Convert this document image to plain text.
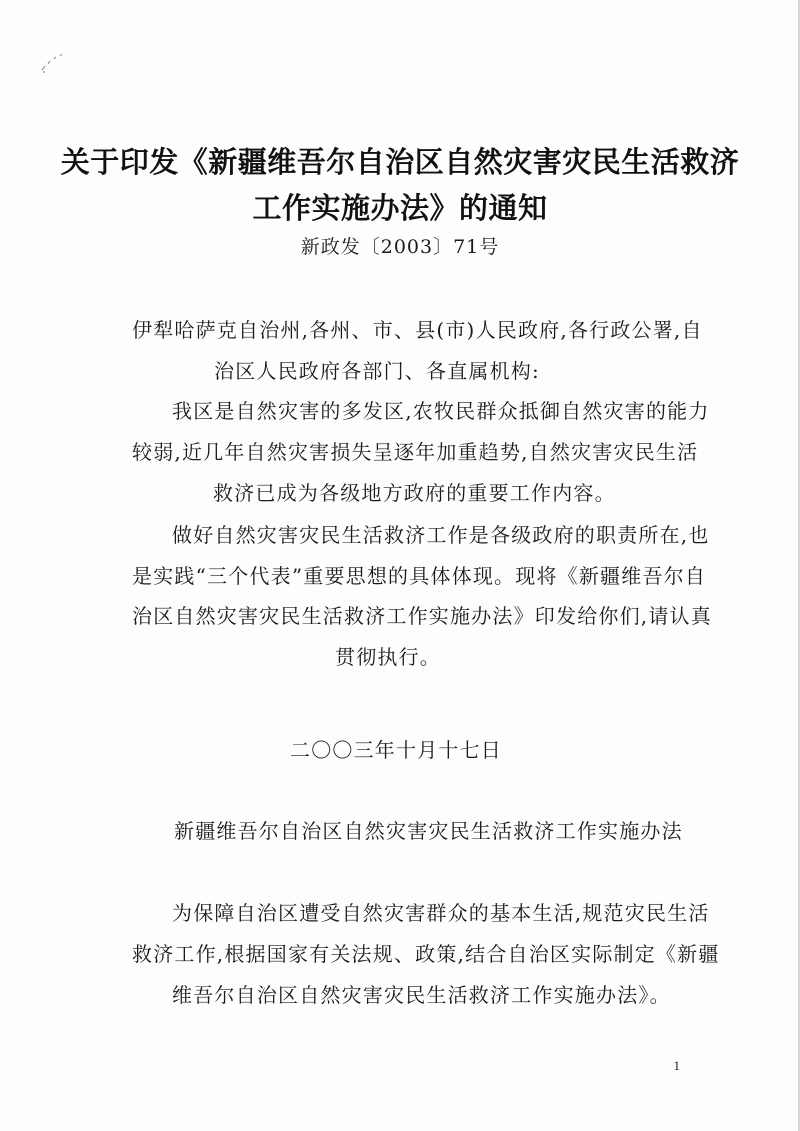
关于印发《新疆维吾尔自治区自然灾害灾民生活救济
工作实施办法》的通知
新政发〔2003〕71号

伊犁哈萨克自治州,各州、市、县(市)人民政府,各行政公署,自

治区人民政府各部门、各直属机构:

我区是自然灾害的多发区,农牧民群众抵御自然灾害的能力

较弱,近几年自然灾害损失呈逐年加重趋势,自然灾害灾民生活

救济已成为各级地方政府的重要工作内容。

做好自然灾害灾民生活救济工作是各级政府的职责所在,也

是实践“三个代表”重要思想的具体体现。现将《新疆维吾尔自

治区自然灾害灾民生活救济工作实施办法》印发给你们,请认真

贯彻执行。

二〇〇三年十月十七日

新疆维吾尔自治区自然灾害灾民生活救济工作实施办法

为保障自治区遭受自然灾害群众的基本生活,规范灾民生活

救济工作,根据国家有关法规、政策,结合自治区实际制定《新疆

维吾尔自治区自然灾害灾民生活救济工作实施办法》。

1
